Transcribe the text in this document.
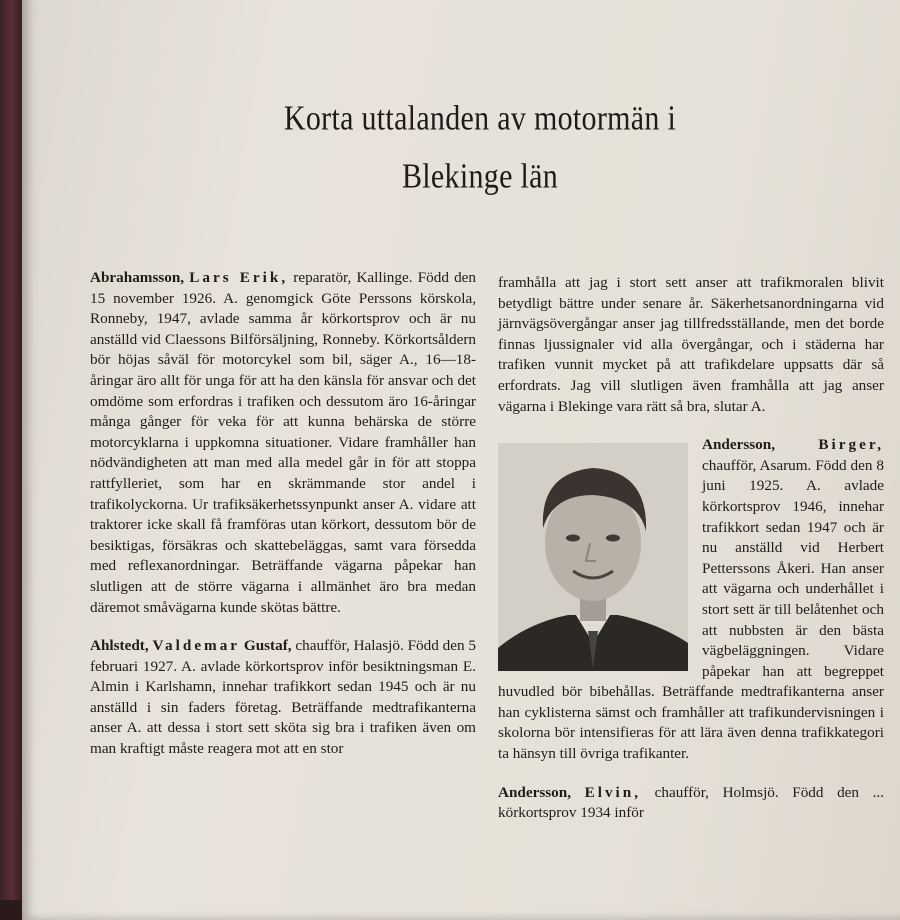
Korta uttalanden av motormän i
Blekinge län

Abrahamsson, Lars Erik, reparatör, Kallinge. Född den 15 november 1926. A. genomgick Göte Perssons körskola, Ronneby, 1947, avlade samma år körkortsprov och är nu anställd vid Claessons Bilförsäljning, Ronneby. Körkortsåldern bör höjas såväl för motorcykel som bil, säger A., 16—18-åringar äro allt för unga för att ha den känsla för ansvar och det omdöme som erfordras i trafiken och dessutom äro 16-åringar många gånger för veka för att kunna behärska de större motorcyklarna i uppkomna situationer. Vidare framhåller han nödvändigheten att man med alla medel går in för att stoppa rattfylleriet, som har en skrämmande stor andel i trafikolyckorna. Ur trafiksäkerhetssynpunkt anser A. vidare att traktorer icke skall få framföras utan körkort, dessutom bör de besiktigas, försäkras och skattebeläggas, samt vara försedda med reflexanordningar. Beträffande vägarna påpekar han slutligen att de större vägarna i allmänhet äro bra medan däremot småvägarna kunde skötas bättre.

Ahlstedt, Valdemar Gustaf, chaufför, Halasjö. Född den 5 februari 1927. A. avlade körkortsprov inför besiktningsman E. Almin i Karlshamn, innehar trafikkort sedan 1945 och är nu anställd i sin faders företag. Beträffande medtrafikanterna anser A. att dessa i stort sett sköta sig bra i trafiken även om man kraftigt måste reagera mot att en stor

framhålla att jag i stort sett anser att trafikmoralen blivit betydligt bättre under senare år. Säkerhetsanordningarna vid järnvägsövergångar anser jag tillfredsställande, men det borde finnas ljussignaler vid alla övergångar, och i städerna har trafiken vunnit mycket på att trafikdelare uppsatts där så erfordrats. Jag vill slutligen även framhålla att jag anser vägarna i Blekinge vara rätt så bra, slutar A.

Andersson,	Birger,
chaufför, Asarum. Född den 8 juni 1925. A. avlade körkortsprov 1946, innehar trafikkort sedan 1947 och är nu anställd vid Herbert Petterssons Åkeri. Han anser att vägarna och underhållet i stort sett är till belåtenhet och att nubbsten är den bästa vägbeläggningen. Vidare påpekar han att begreppet huvudled bör bibehållas. Beträffande medtrafikanterna anser han cyklisterna sämst och framhåller att trafikundervisningen i skolorna bör intensifieras för att lära även denna trafikkategori ta hänsyn till övriga trafikanter.

Andersson, Elvin, chaufför, Holmsjö. Född den ... körkortsprov 1934 inför
